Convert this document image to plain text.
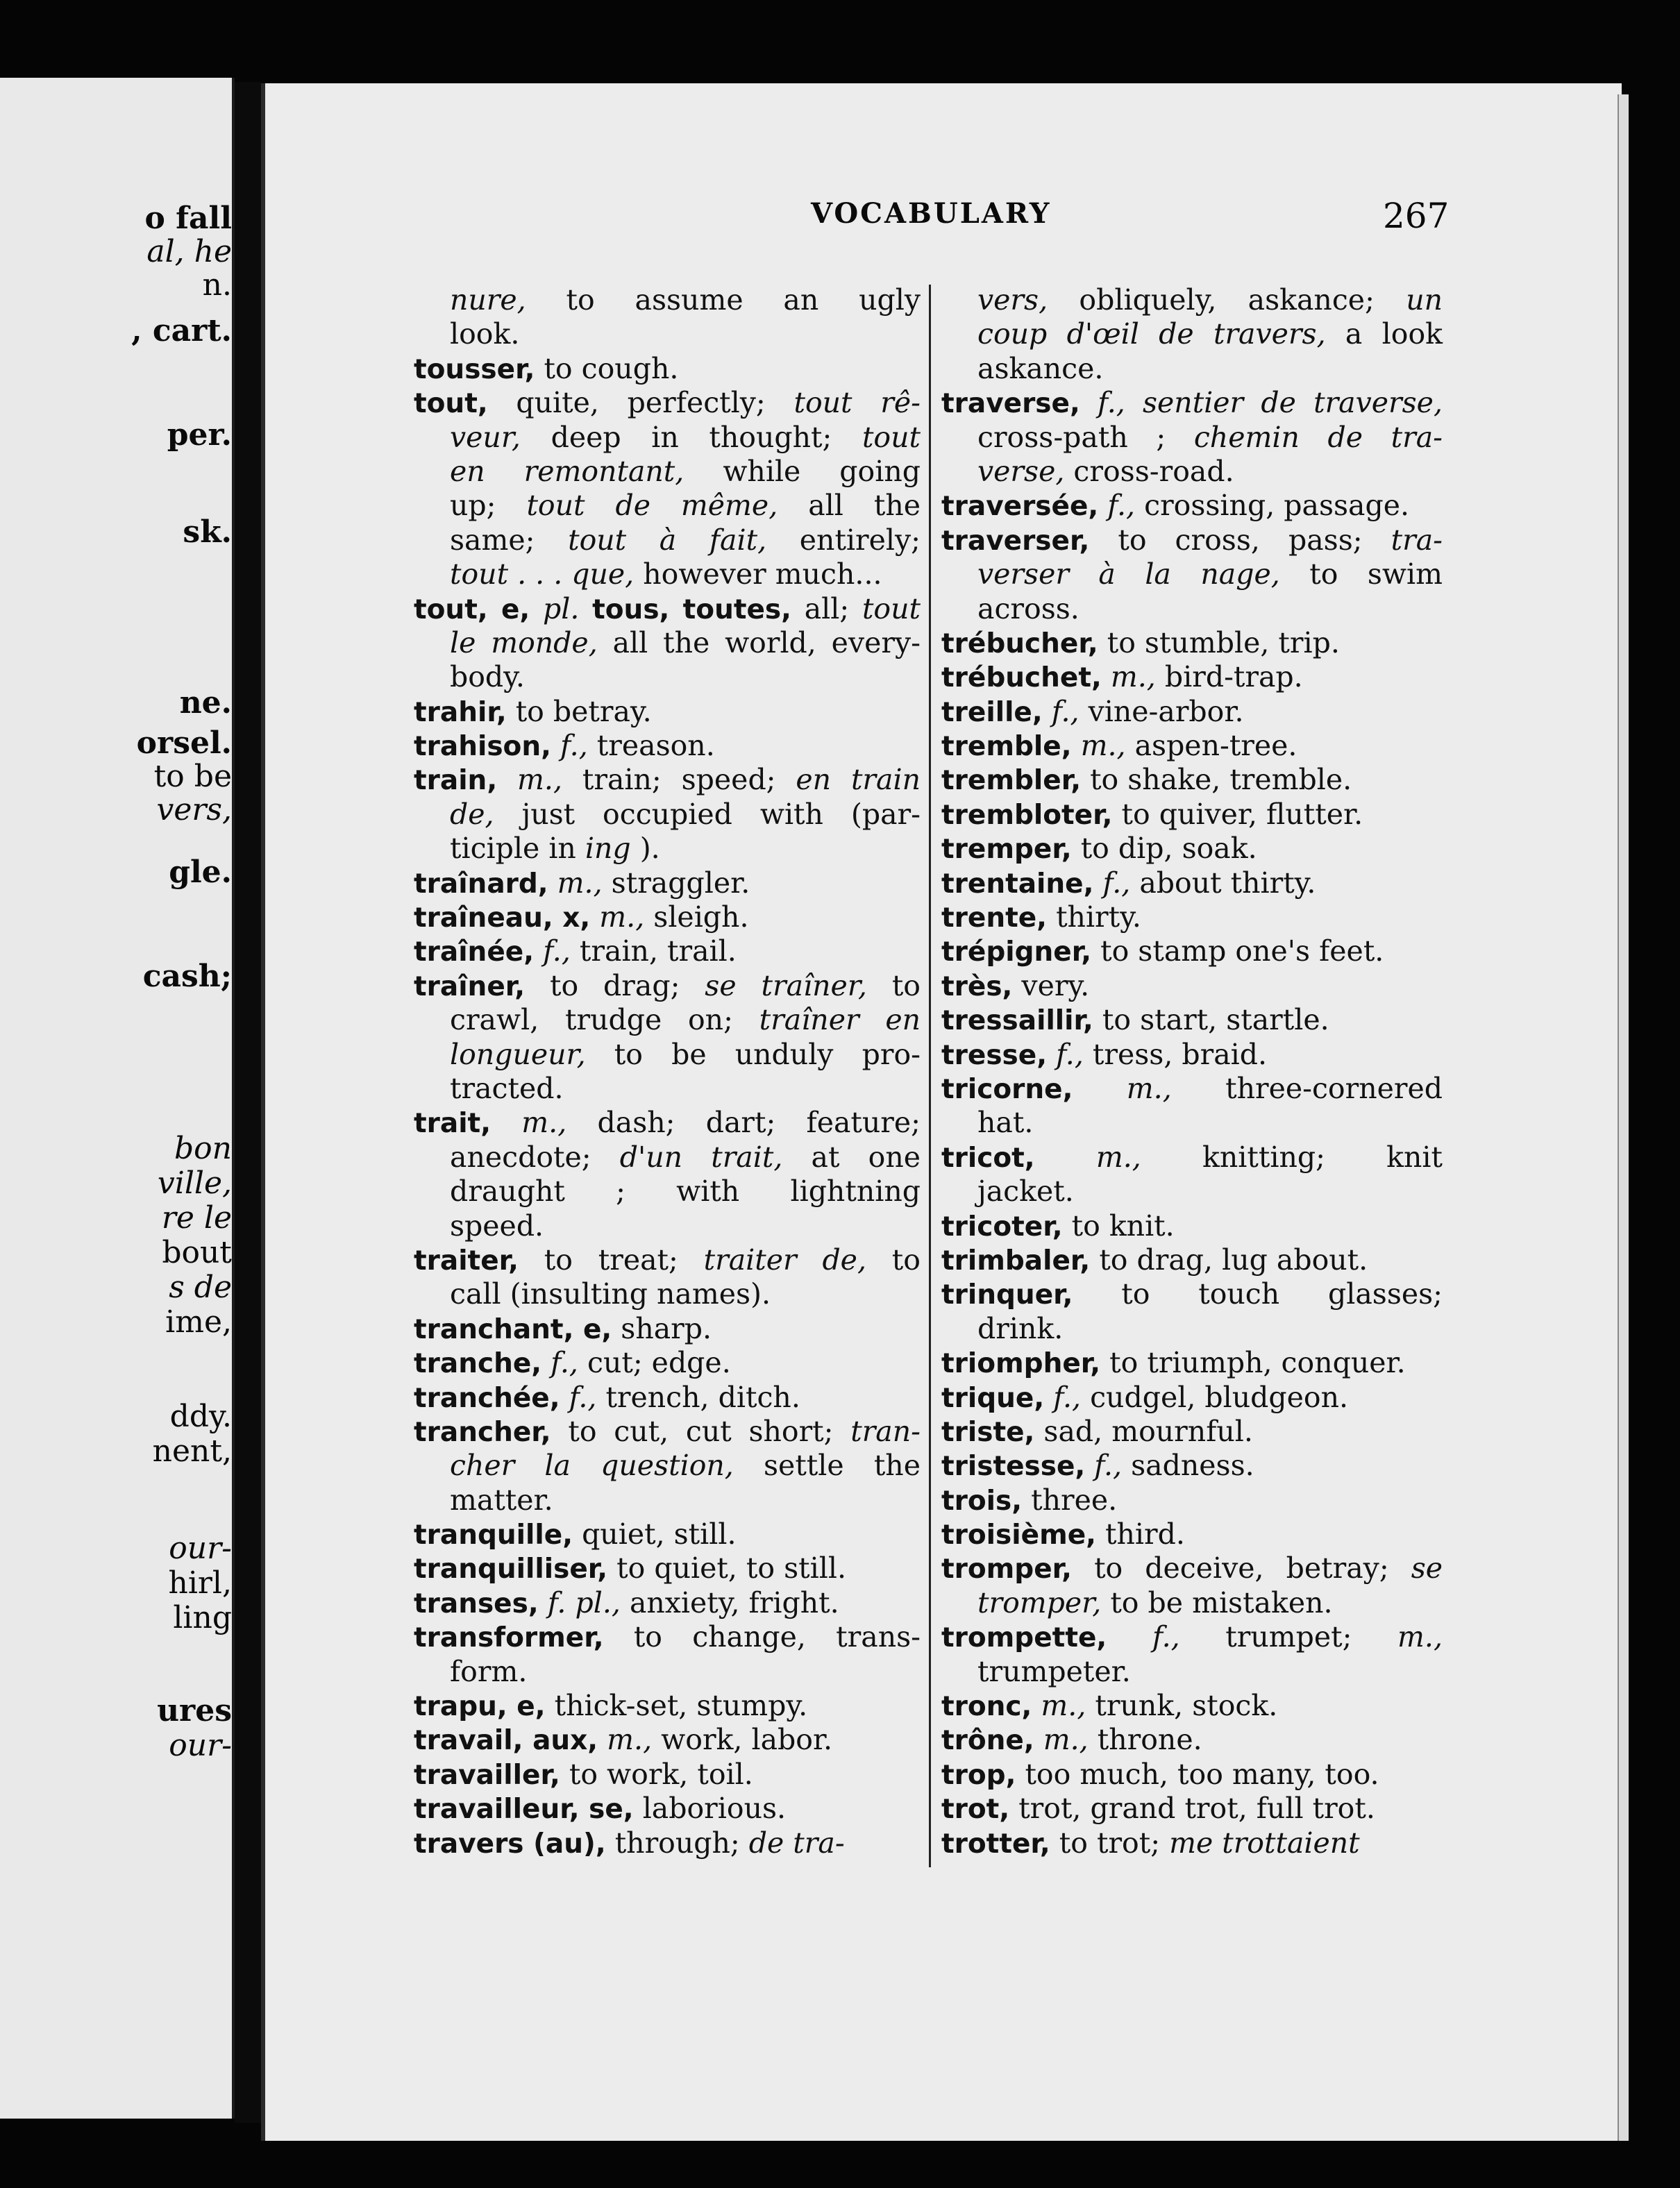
o fall
al, he
n.
, cart.
per.
sk.
ne.
orsel.
to be
vers,
gle.
cash;
bon
ville,
re le
bout
s de
ime,
ddy.
nent,
our-
hirl,
ling
ures
our-
VOCABULARY	267
nure, to assume an ugly
look.
tousser, to cough.
tout, quite, perfectly; tout rê-
veur, deep in thought; tout
en remontant, while going
up; tout de même, all the
same; tout à fait, entirely;
tout . . . que, however much...
tout, e, pl. tous, toutes, all; tout
le monde, all the world, every-
body.
trahir, to betray.
trahison, f., treason.
train, m., train; speed; en train
de, just occupied with (par-
ticiple in ing ).
traînard, m., straggler.
traîneau, x, m., sleigh.
traînée, f., train, trail.
traîner, to drag; se traîner, to
crawl, trudge on; traîner en
longueur, to be unduly pro-
tracted.
trait, m., dash; dart; feature;
anecdote; d'un trait, at one
draught ; with lightning
speed.
traiter, to treat; traiter de, to
call (insulting names).
tranchant, e, sharp.
tranche, f., cut; edge.
tranchée, f., trench, ditch.
trancher, to cut, cut short; tran-
cher la question, settle the
matter.
tranquille, quiet, still.
tranquilliser, to quiet, to still.
transes, f. pl., anxiety, fright.
transformer, to change, trans-
form.
trapu, e, thick-set, stumpy.
travail, aux, m., work, labor.
travailler, to work, toil.
travailleur, se, laborious.
travers (au), through; de tra-
vers, obliquely, askance; un
coup d'œil de travers, a look
askance.
traverse, f., sentier de traverse,
cross-path ; chemin de tra-
verse, cross-road.
traversée, f., crossing, passage.
traverser, to cross, pass; tra-
verser à la nage, to swim
across.
trébucher, to stumble, trip.
trébuchet, m., bird-trap.
treille, f., vine-arbor.
tremble, m., aspen-tree.
trembler, to shake, tremble.
trembloter, to quiver, flutter.
tremper, to dip, soak.
trentaine, f., about thirty.
trente, thirty.
trépigner, to stamp one's feet.
très, very.
tressaillir, to start, startle.
tresse, f., tress, braid.
tricorne, m., three-cornered
hat.
tricot, m., knitting; knit
jacket.
tricoter, to knit.
trimbaler, to drag, lug about.
trinquer, to touch glasses;
drink.
triompher, to triumph, conquer.
trique, f., cudgel, bludgeon.
triste, sad, mournful.
tristesse, f., sadness.
trois, three.
troisième, third.
tromper, to deceive, betray; se
tromper, to be mistaken.
trompette, f., trumpet; m.,
trumpeter.
tronc, m., trunk, stock.
trône, m., throne.
trop, too much, too many, too.
trot, trot, grand trot, full trot.
trotter, to trot; me trottaient
